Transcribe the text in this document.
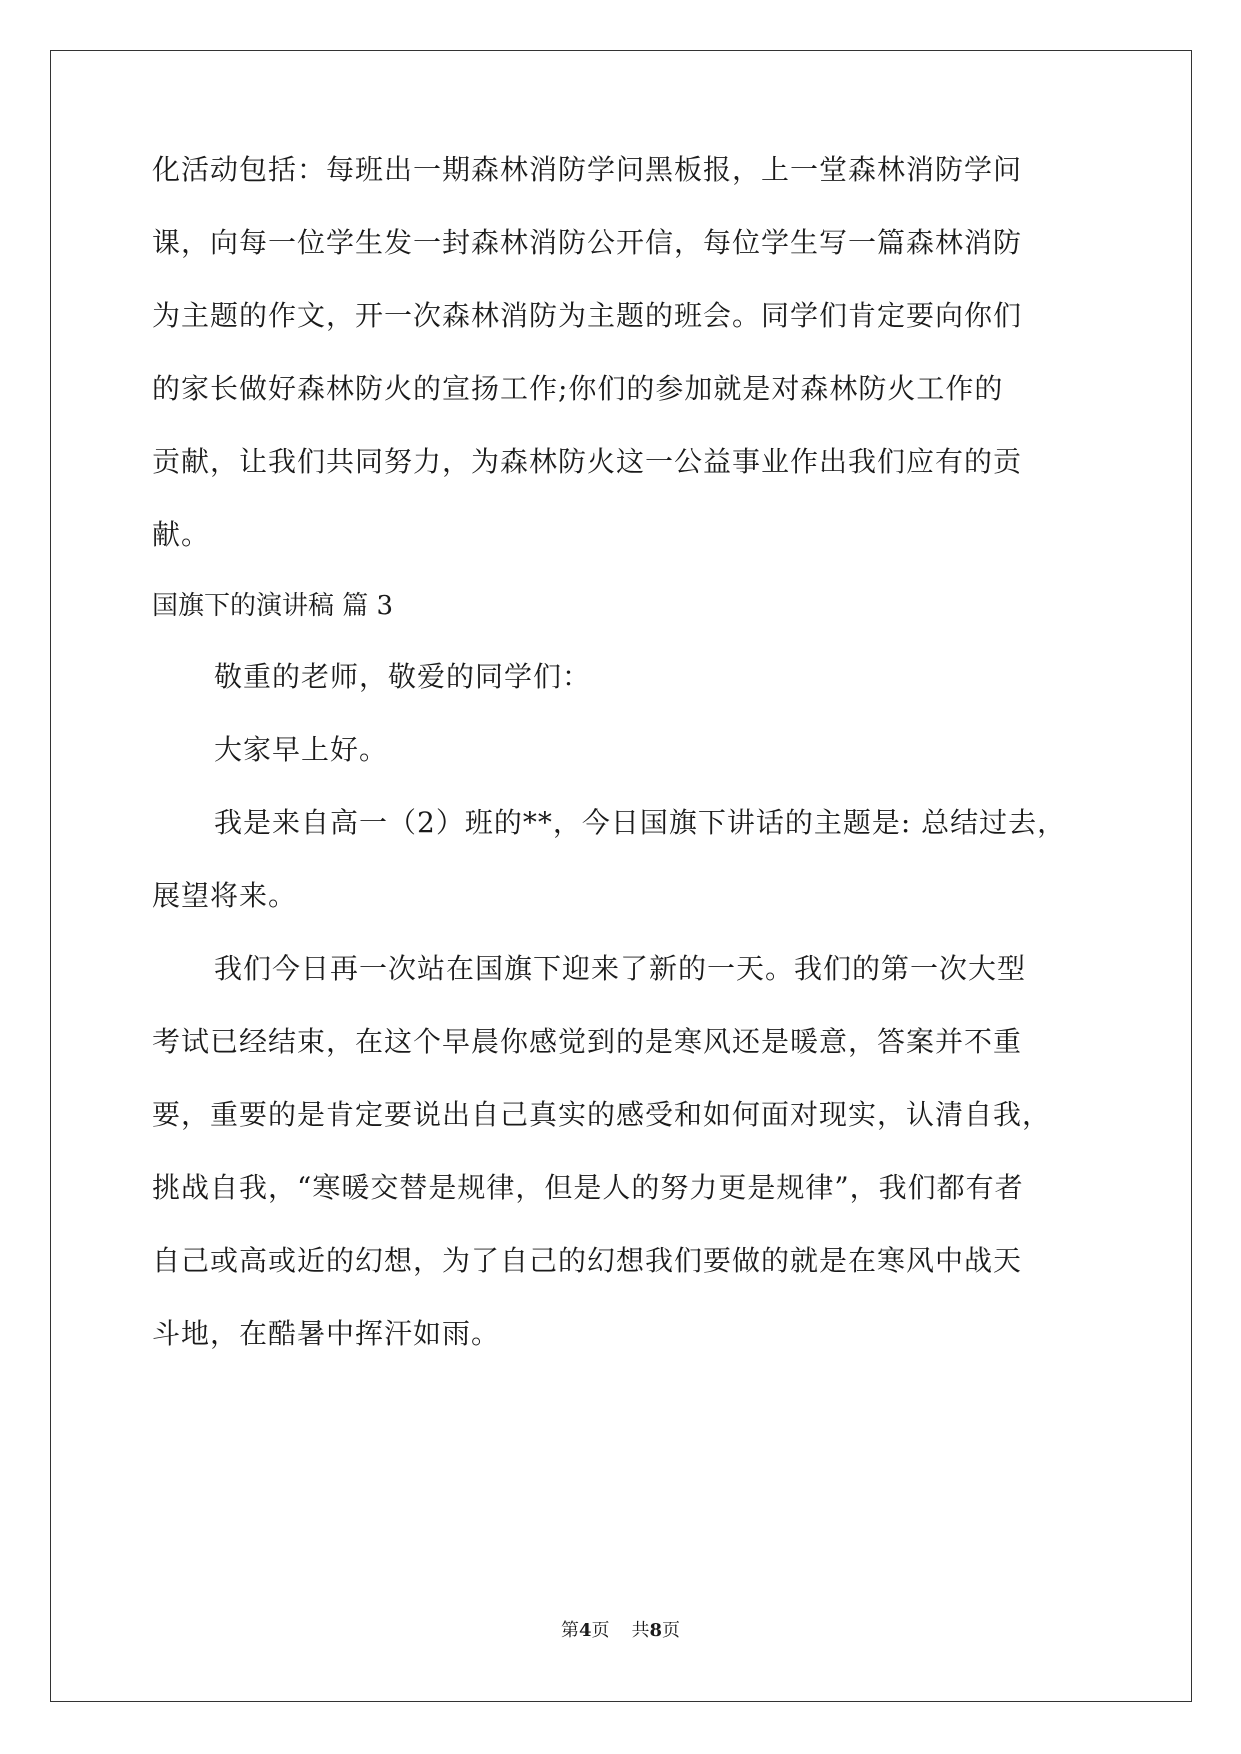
化活动包括：每班出一期森林消防学问黑板报，上一堂森林消防学问
课，向每一位学生发一封森林消防公开信，每位学生写一篇森林消防
为主题的作文，开一次森林消防为主题的班会。同学们肯定要向你们
的家长做好森林防火的宣扬工作;你们的参加就是对森林防火工作的
贡献，让我们共同努力，为森林防火这一公益事业作出我们应有的贡
献。
国旗下的演讲稿 篇 3
敬重的老师，敬爱的同学们：
大家早上好。
我是来自高一（2）班的**，今日国旗下讲话的主题是: 总结过去，
展望将来。
我们今日再一次站在国旗下迎来了新的一天。我们的第一次大型
考试已经结束，在这个早晨你感觉到的是寒风还是暖意，答案并不重
要，重要的是肯定要说出自己真实的感受和如何面对现实，认清自我，
挑战自我，“寒暖交替是规律，但是人的努力更是规律”，我们都有者
自己或高或近的幻想，为了自己的幻想我们要做的就是在寒风中战天
斗地，在酷暑中挥汗如雨。
第4页 共8页
